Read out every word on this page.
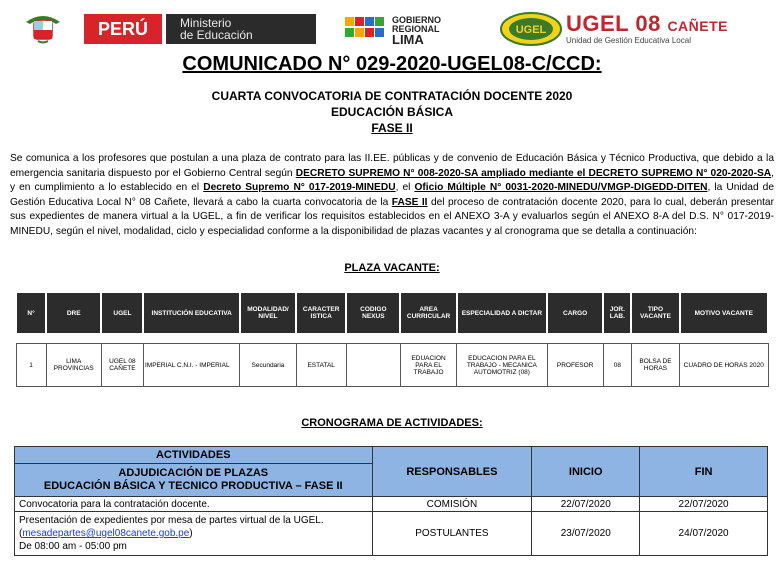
PERÚ	Ministerio
de Educación
GOBIERNO
REGIONAL
LIMA
UGEL UGEL 08 CAÑETE
Unidad de Gestión Educativa Local
COMUNICADO N° 029-2020-UGEL08-C/CCD:
CUARTA CONVOCATORIA DE CONTRATACIÓN DOCENTE 2020
EDUCACIÓN BÁSICA
FASE II
Se comunica a los profesores que postulan a una plaza de contrato para las II.EE. públicas y de convenio de Educación Básica y Técnico Productiva, que debido a la emergencia sanitaria dispuesto por el Gobierno Central según DECRETO SUPREMO N° 008-2020-SA ampliado mediante el DECRETO SUPREMO N° 020-2020-SA, y en cumplimiento a lo establecido en el Decreto Supremo N° 017-2019-MINEDU, el Oficio Múltiple N° 0031-2020-MINEDU/VMGP-DIGEDD-DITEN, la Unidad de Gestión Educativa Local N° 08 Cañete, llevará a cabo la cuarta convocatoria de la FASE II del proceso de contratación docente 2020, para lo cual, deberán presentar sus expedientes de manera virtual a la UGEL, a fin de verificar los requisitos establecidos en el ANEXO 3-A y evaluarlos según el ANEXO 8-A del D.S. N° 017-2019-MINEDU, según el nivel, modalidad, ciclo y especialidad conforme a la disponibilidad de plazas vacantes y al cronograma que se detalla a continuación:
PLAZA VACANTE:
N°	DRE	UGEL	INSTITUCIÓN EDUCATIVA	MODALIDAD/ NIVEL	CARACTER ISTICA	CODIGO NEXUS	AREA CURRICULAR	ESPECIALIDAD A DICTAR	CARGO	JOR. LAB.	TIPO VACANTE	MOTIVO VACANTE

1	LIMA PROVINCIAS	UGEL 08 CAÑETE	IMPERIAL C.N.I. - IMPERIAL	Secundaria	ESTATAL		EDUACION PARA EL TRABAJO	EDUCACION PARA EL TRABAJO - MECANICA AUTOMOTRIZ (08)	PROFESOR	08	BOLSA DE HORAS	CUADRO DE HORAS 2020
CRONOGRAMA DE ACTIVIDADES:
ACTIVIDADES	RESPONSABLES	INICIO	FIN

ADJUDICACIÓN DE PLAZAS
EDUCACIÓN BÁSICA Y TECNICO PRODUCTIVA – FASE II			

Convocatoria para la contratación docente.	COMISIÓN	22/07/2020	22/07/2020

Presentación de expedientes por mesa de partes virtual de la UGEL.
(mesadepartes@ugel08canete.gob.pe)
De 08:00 am - 05:00 pm	POSTULANTES	23/07/2020	24/07/2020
